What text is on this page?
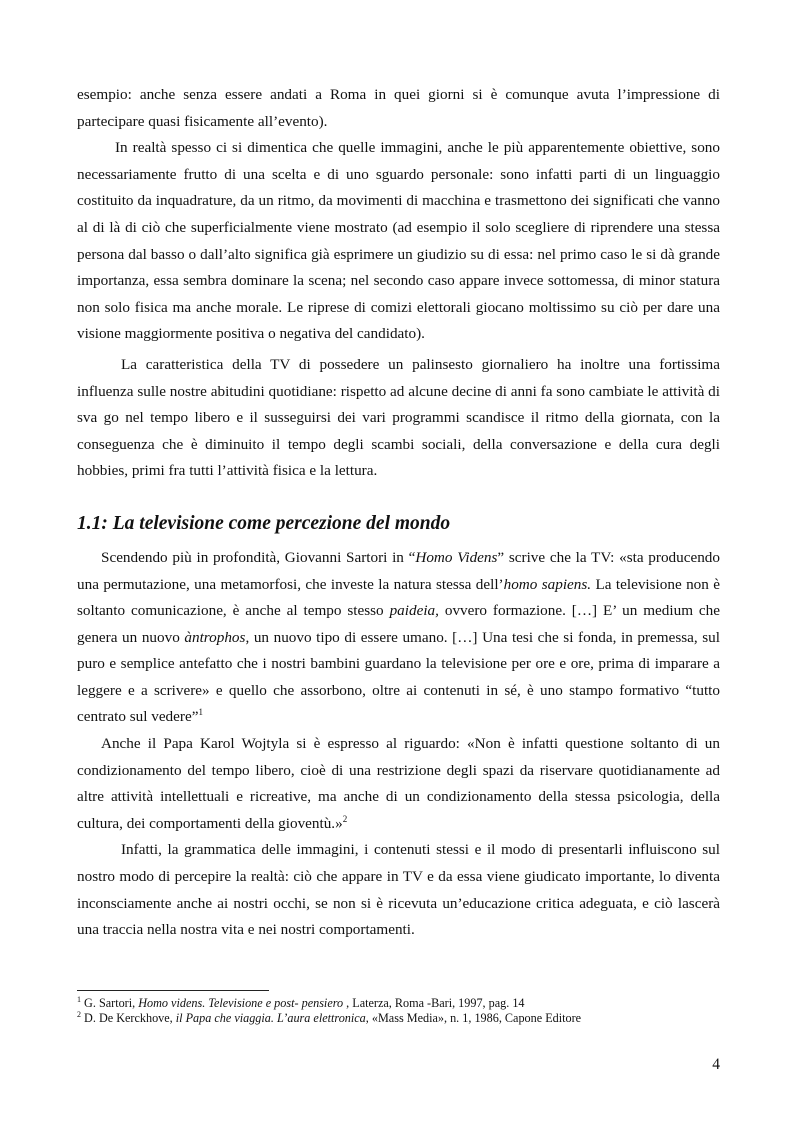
esempio: anche senza essere andati a Roma in quei giorni si è comunque avuta l’impressione di partecipare quasi fisicamente all’evento).

In realtà spesso ci si dimentica che quelle immagini, anche le più apparentemente obiettive, sono necessariamente frutto di una scelta e di uno sguardo personale: sono infatti parti di un linguaggio costituito da inquadrature, da un ritmo, da movimenti di macchina e trasmettono dei significati che vanno al di là di ciò che superficialmente viene mostrato (ad esempio il solo scegliere di riprendere una stessa persona dal basso o dall’alto significa già esprimere un giudizio su di essa: nel primo caso le si dà grande importanza, essa sembra dominare la scena; nel secondo caso appare invece sottomessa, di minor statura non solo fisica ma anche morale. Le riprese di comizi elettorali giocano moltissimo su ciò per dare una visione maggiormente positiva o negativa del candidato).

La caratteristica della TV di possedere un palinsesto giornaliero ha inoltre una fortissima influenza sulle nostre abitudini quotidiane: rispetto ad alcune decine di anni fa sono cambiate le attività di sva go nel tempo libero e il susseguirsi dei vari programmi scandisce il ritmo della giornata, con la conseguenza che è diminuito il tempo degli scambi sociali, della conversazione e della cura degli hobbies, primi fra tutti l’attività fisica e la lettura.

1.1: La televisione come percezione del mondo

Scendendo più in profondità, Giovanni Sartori in “Homo Videns” scrive che la TV: «sta producendo una permutazione, una metamorfosi, che investe la natura stessa dell’homo sapiens. La televisione non è soltanto comunicazione, è anche al tempo stesso paideia, ovvero formazione. […] E’ un medium che genera un nuovo àntrophos, un nuovo tipo di essere umano. […] Una tesi che si fonda, in premessa, sul puro e semplice antefatto che i nostri bambini guardano la televisione per ore e ore, prima di imparare a leggere e a scrivere» e quello che assorbono, oltre ai contenuti in sé, è uno stampo formativo “tutto centrato sul vedere”$^1$

Anche il Papa Karol Wojtyla si è espresso al riguardo: «Non è infatti questione soltanto di un condizionamento del tempo libero, cioè di una restrizione degli spazi da riservare quotidianamente ad altre attività intellettuali e ricreative, ma anche di un condizionamento della stessa psicologia, della cultura, dei comportamenti della gioventù.»$^2$

Infatti, la grammatica delle immagini, i contenuti stessi e il modo di presentarli influiscono sul nostro modo di percepire la realtà: ciò che appare in TV e da essa viene giudicato importante, lo diventa inconsciamente anche ai nostri occhi, se non si è ricevuta un’educazione critica adeguata, e ciò lascerà una traccia nella nostra vita e nei nostri comportamenti.

$^1$ G. Sartori, Homo videns. Televisione e post- pensiero , Laterza, Roma -Bari, 1997, pag. 14

$^2$ D. De Kerckhove, il Papa che viaggia. L’aura elettronica, «Mass Media», n. 1, 1986, Capone Editore

4
